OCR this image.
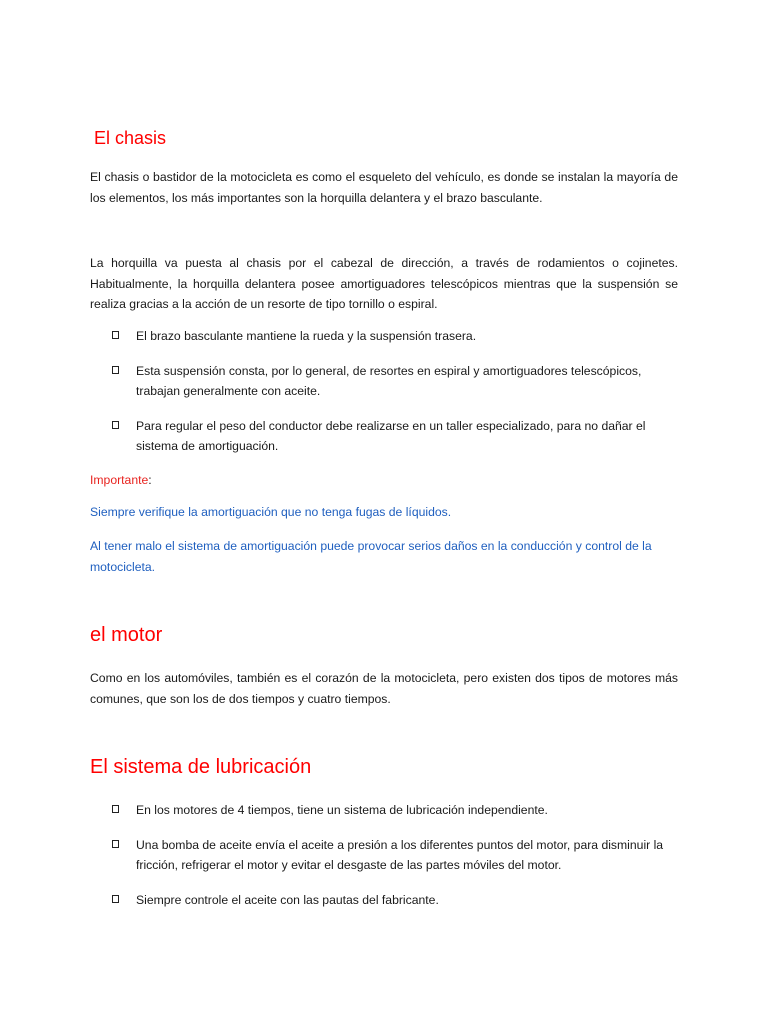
El chasis

El chasis o bastidor de la motocicleta es como el esqueleto del vehículo, es donde se instalan la mayoría de los elementos, los más importantes son la horquilla delantera y el brazo basculante.

La horquilla va puesta al chasis por el cabezal de dirección, a través de rodamientos o cojinetes. Habitualmente, la horquilla delantera posee amortiguadores telescópicos mientras que la suspensión se realiza gracias a la acción de un resorte de tipo tornillo o espiral.

El brazo basculante mantiene la rueda y la suspensión trasera.
Esta suspensión consta, por lo general, de resortes en espiral y amortiguadores telescópicos, trabajan generalmente con aceite.
Para regular el peso del conductor debe realizarse en un taller especializado, para no dañar el sistema de amortiguación.

Importante:

Siempre verifique la amortiguación que no tenga fugas de líquidos.

Al tener malo el sistema de amortiguación puede provocar serios daños en la conducción y control de la motocicleta.

el motor

Como en los automóviles, también es el corazón de la motocicleta, pero existen dos tipos de motores más comunes, que son los de dos tiempos y cuatro tiempos.

El sistema de lubricación
En los motores de 4 tiempos, tiene un sistema de lubricación independiente.
Una bomba de aceite envía el aceite a presión a los diferentes puntos del motor, para disminuir la fricción, refrigerar el motor y evitar el desgaste de las partes móviles del motor.
Siempre controle el aceite con las pautas del fabricante.
